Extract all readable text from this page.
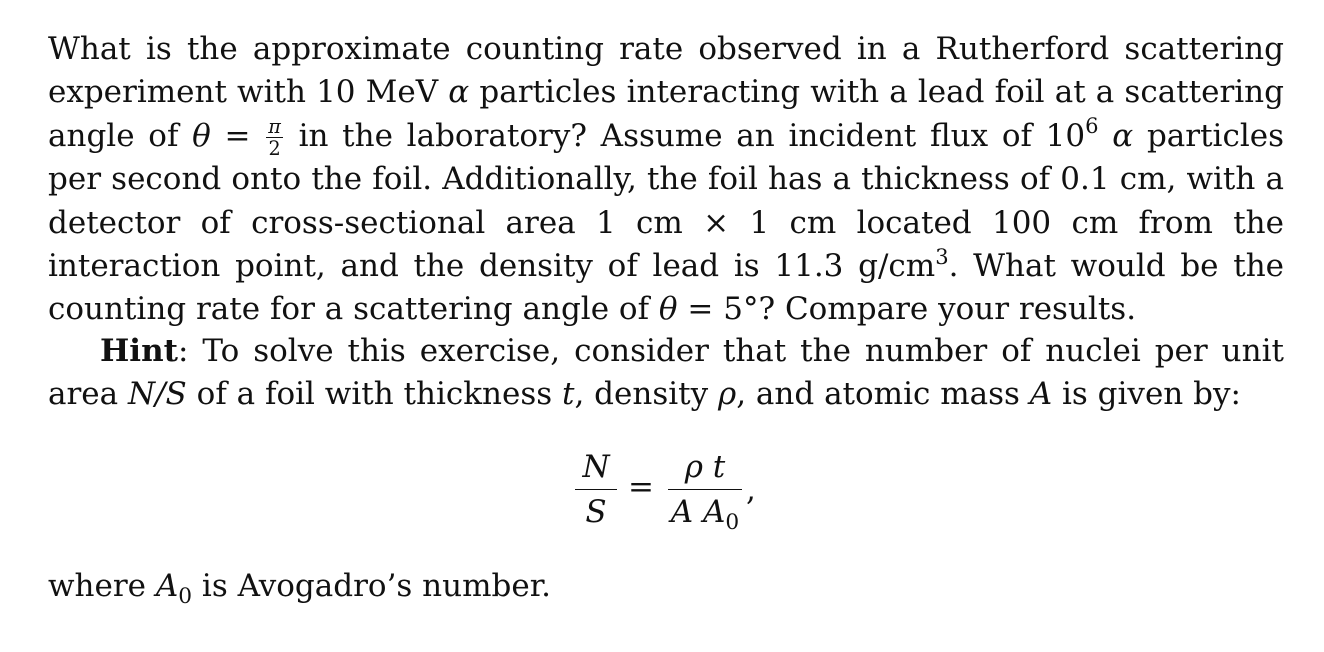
What is the approximate counting rate observed in a Rutherford scattering experiment with 10 MeV α particles interacting with a lead foil at a scattering angle of $\theta = \frac{\pi}{2}$ in the laboratory? Assume an incident flux of $10^6$ α particles per second onto the foil. Additionally, the foil has a thickness of 0.1 cm, with a detector of cross-sectional area 1 cm × 1 cm located 100 cm from the interaction point, and the density of lead is 11.3 $g/cm^3$. What would be the counting rate for a scattering angle of θ = 5°? Compare your results.
Hint: To solve this exercise, consider that the number of nuclei per unit area N/S of a foil with thickness t, density ρ, and atomic mass A is given by:
N
S
=
ρ t
A $A_0$
,
where $A_0$ is Avogadro’s number.
